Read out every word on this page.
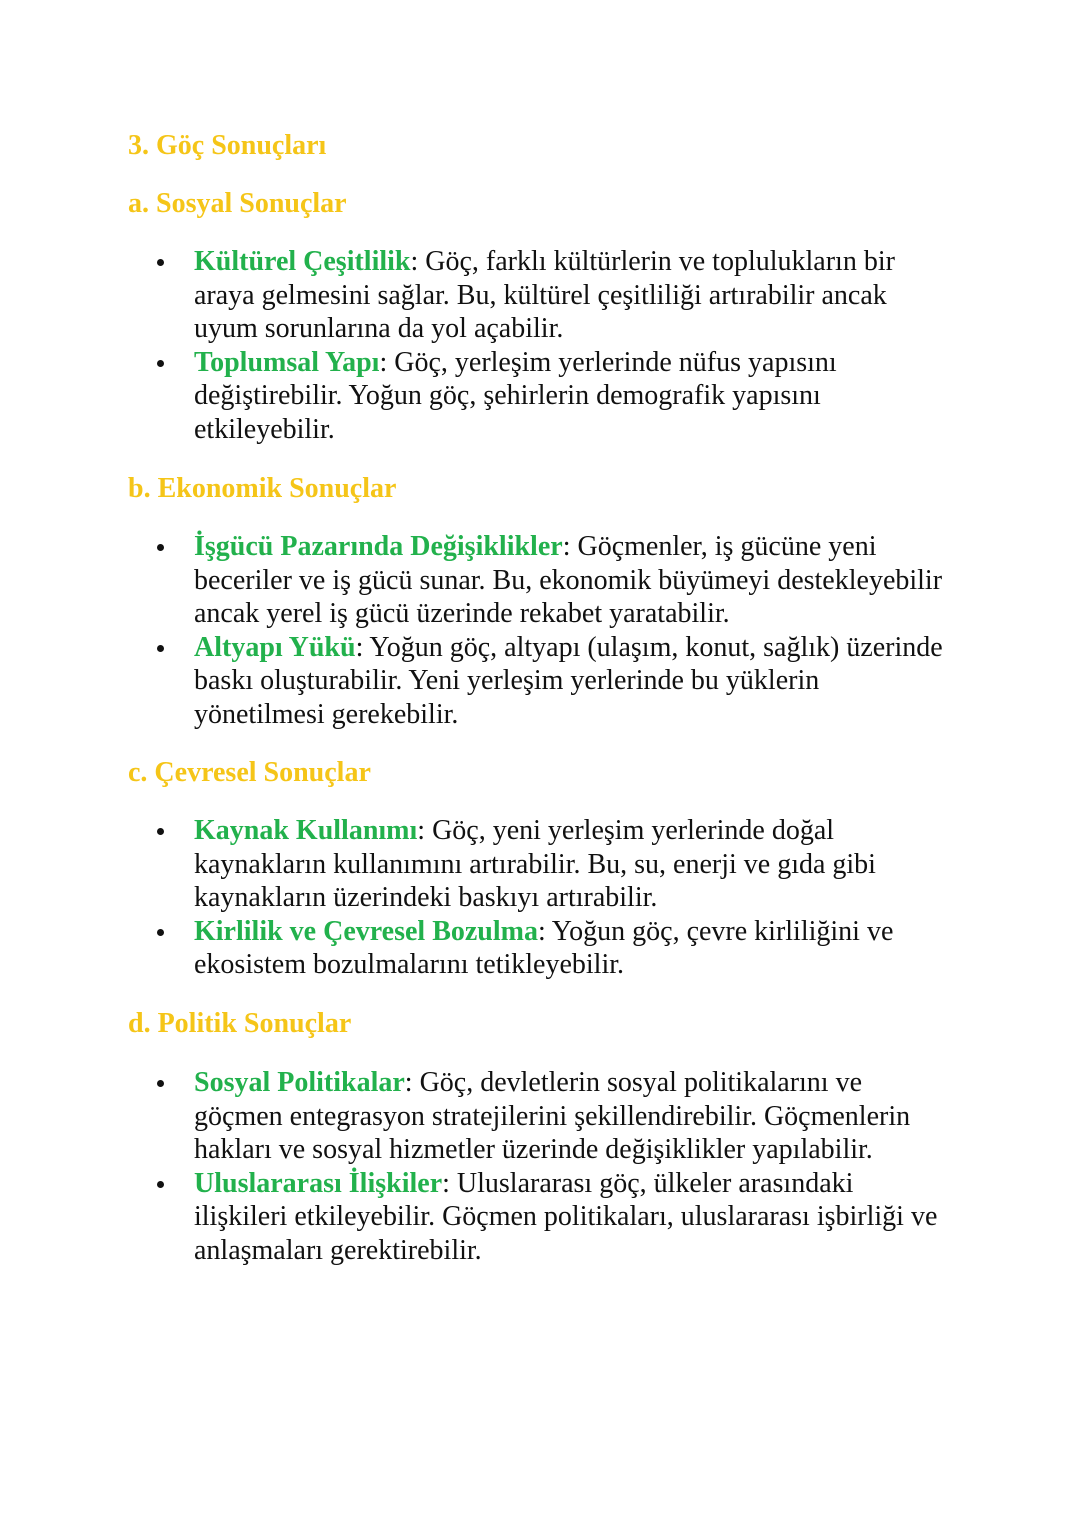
3. Göç Sonuçları
a. Sosyal Sonuçlar
Kültürel Çeşitlilik: Göç, farklı kültürlerin ve toplulukların bir araya gelmesini sağlar. Bu, kültürel çeşitliliği artırabilir ancak uyum sorunlarına da yol açabilir.
Toplumsal Yapı: Göç, yerleşim yerlerinde nüfus yapısını değiştirebilir. Yoğun göç, şehirlerin demografik yapısını etkileyebilir.
b. Ekonomik Sonuçlar
İşgücü Pazarında Değişiklikler: Göçmenler, iş gücüne yeni beceriler ve iş gücü sunar. Bu, ekonomik büyümeyi destekleyebilir ancak yerel iş gücü üzerinde rekabet yaratabilir.
Altyapı Yükü: Yoğun göç, altyapı (ulaşım, konut, sağlık) üzerinde baskı oluşturabilir. Yeni yerleşim yerlerinde bu yüklerin yönetilmesi gerekebilir.
c. Çevresel Sonuçlar
Kaynak Kullanımı: Göç, yeni yerleşim yerlerinde doğal kaynakların kullanımını artırabilir. Bu, su, enerji ve gıda gibi kaynakların üzerindeki baskıyı artırabilir.
Kirlilik ve Çevresel Bozulma: Yoğun göç, çevre kirliliğini ve ekosistem bozulmalarını tetikleyebilir.
d. Politik Sonuçlar
Sosyal Politikalar: Göç, devletlerin sosyal politikalarını ve göçmen entegrasyon stratejilerini şekillendirebilir. Göçmenlerin hakları ve sosyal hizmetler üzerinde değişiklikler yapılabilir.
Uluslararası İlişkiler: Uluslararası göç, ülkeler arasındaki ilişkileri etkileyebilir. Göçmen politikaları, uluslararası işbirliği ve anlaşmaları gerektirebilir.
